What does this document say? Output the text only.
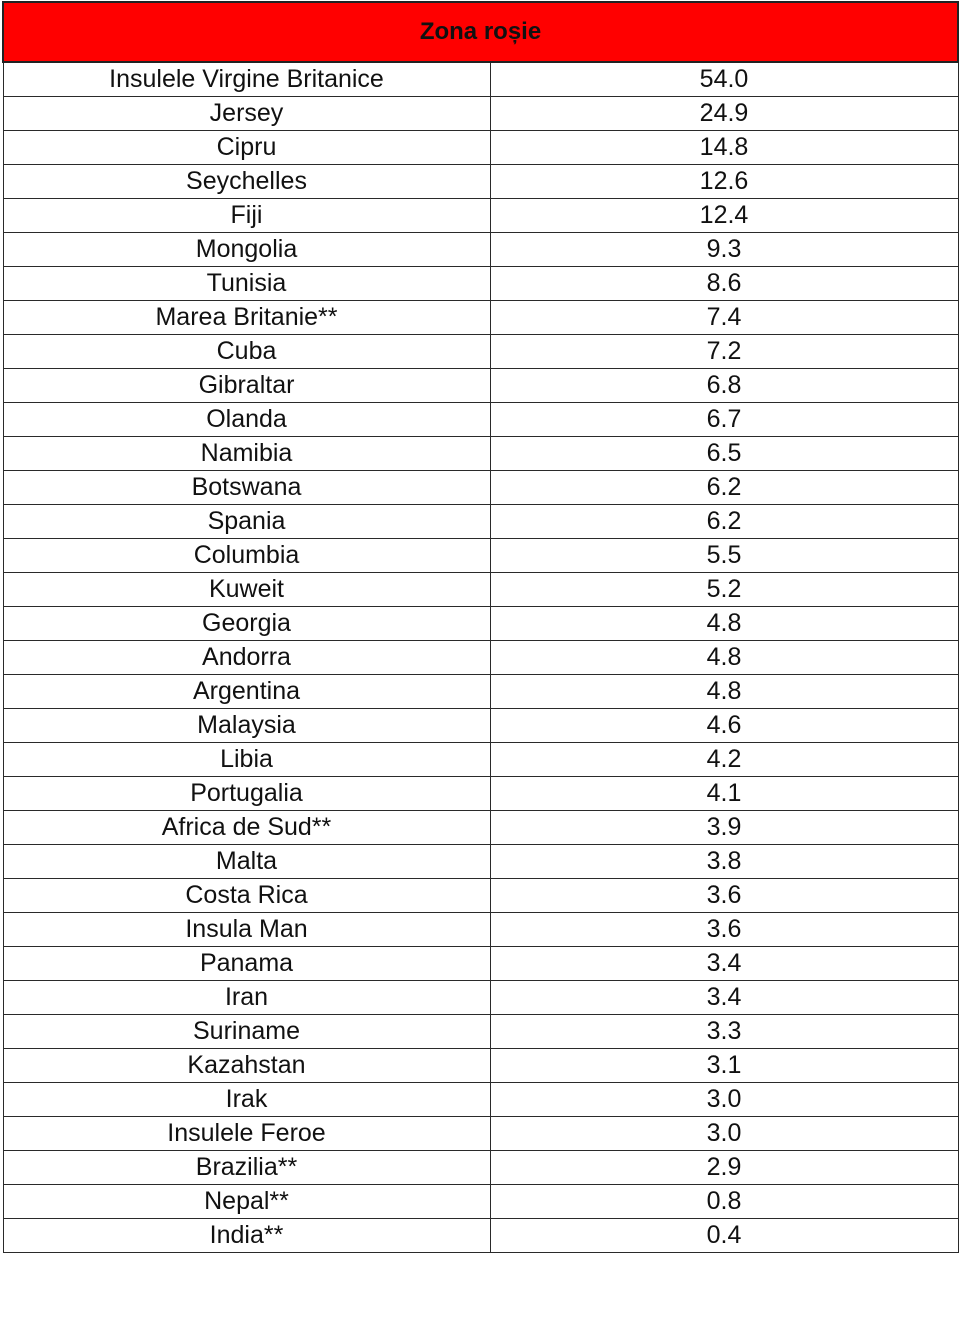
Zona roșie	
Insulele Virgine Britanice	54.0
Jersey	24.9
Cipru	14.8
Seychelles	12.6
Fiji	12.4
Mongolia	9.3
Tunisia	8.6
Marea Britanie**	7.4
Cuba	7.2
Gibraltar	6.8
Olanda	6.7
Namibia	6.5
Botswana	6.2
Spania	6.2
Columbia	5.5
Kuweit	5.2
Georgia	4.8
Andorra	4.8
Argentina	4.8
Malaysia	4.6
Libia	4.2
Portugalia	4.1
Africa de Sud**	3.9
Malta	3.8
Costa Rica	3.6
Insula Man	3.6
Panama	3.4
Iran	3.4
Suriname	3.3
Kazahstan	3.1
Irak	3.0
Insulele Feroe	3.0
Brazilia**	2.9
Nepal**	0.8
India**	0.4
